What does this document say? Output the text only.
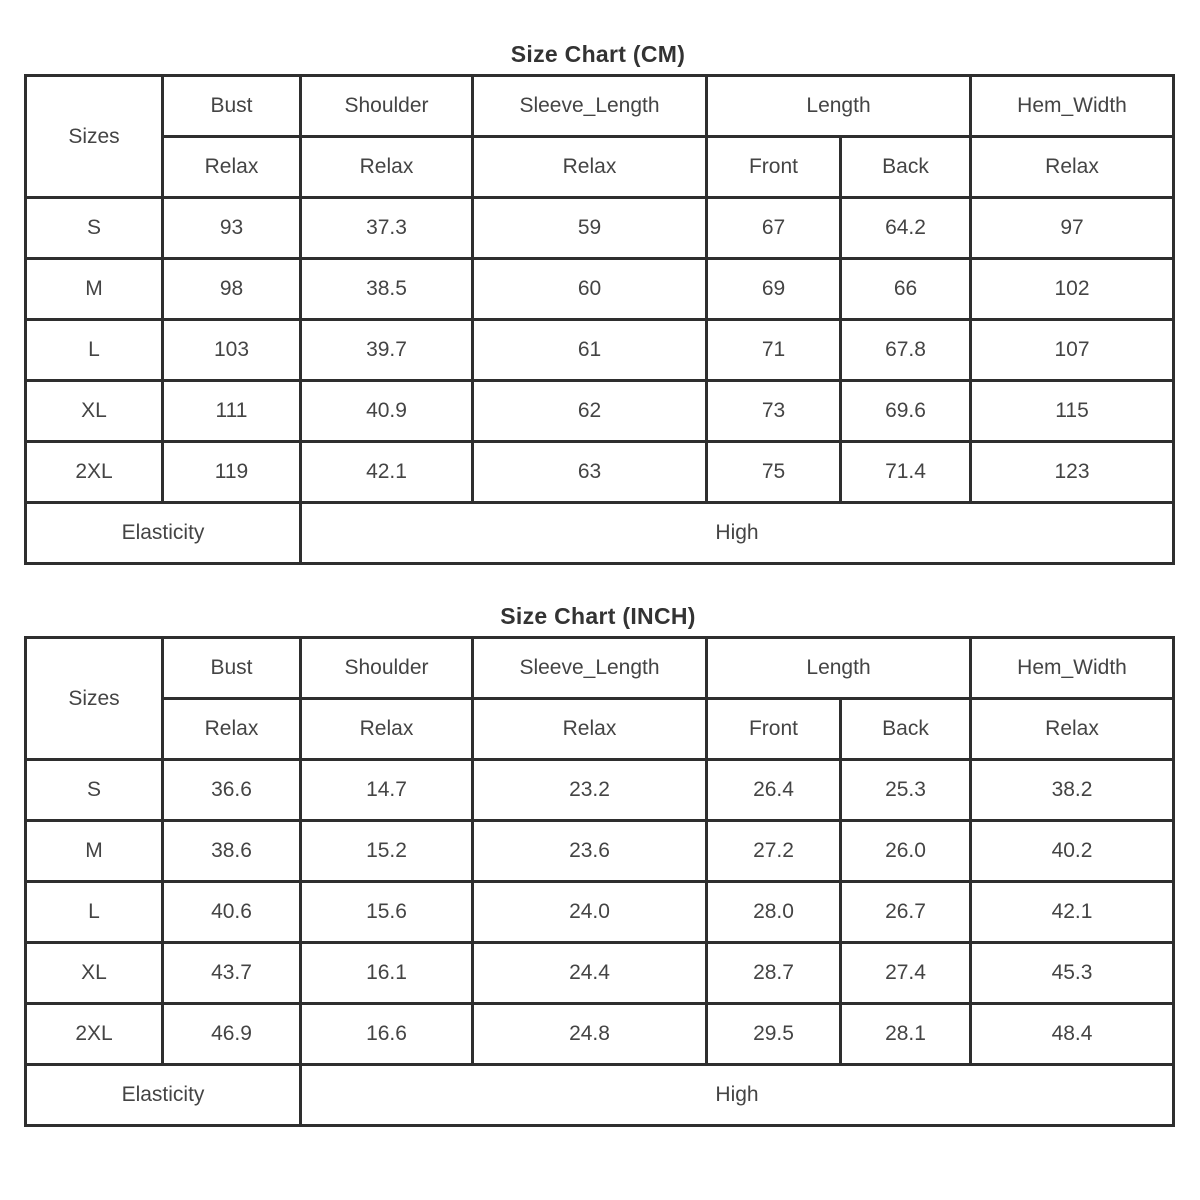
Size Chart (CM)
Sizes	Bust	Shoulder	Sleeve_Length	Length		Hem_Width
	Relax	Relax	Relax	Front	Back	Relax
S	93	37.3	59	67	64.2	97
M	98	38.5	60	69	66	102
L	103	39.7	61	71	67.8	107
XL	111	40.9	62	73	69.6	115
2XL	119	42.1	63	75	71.4	123
Elasticity		High				
Size Chart (INCH)
Sizes	Bust	Shoulder	Sleeve_Length	Length		Hem_Width
	Relax	Relax	Relax	Front	Back	Relax
S	36.6	14.7	23.2	26.4	25.3	38.2
M	38.6	15.2	23.6	27.2	26.0	40.2
L	40.6	15.6	24.0	28.0	26.7	42.1
XL	43.7	16.1	24.4	28.7	27.4	45.3
2XL	46.9	16.6	24.8	29.5	28.1	48.4
Elasticity		High				
